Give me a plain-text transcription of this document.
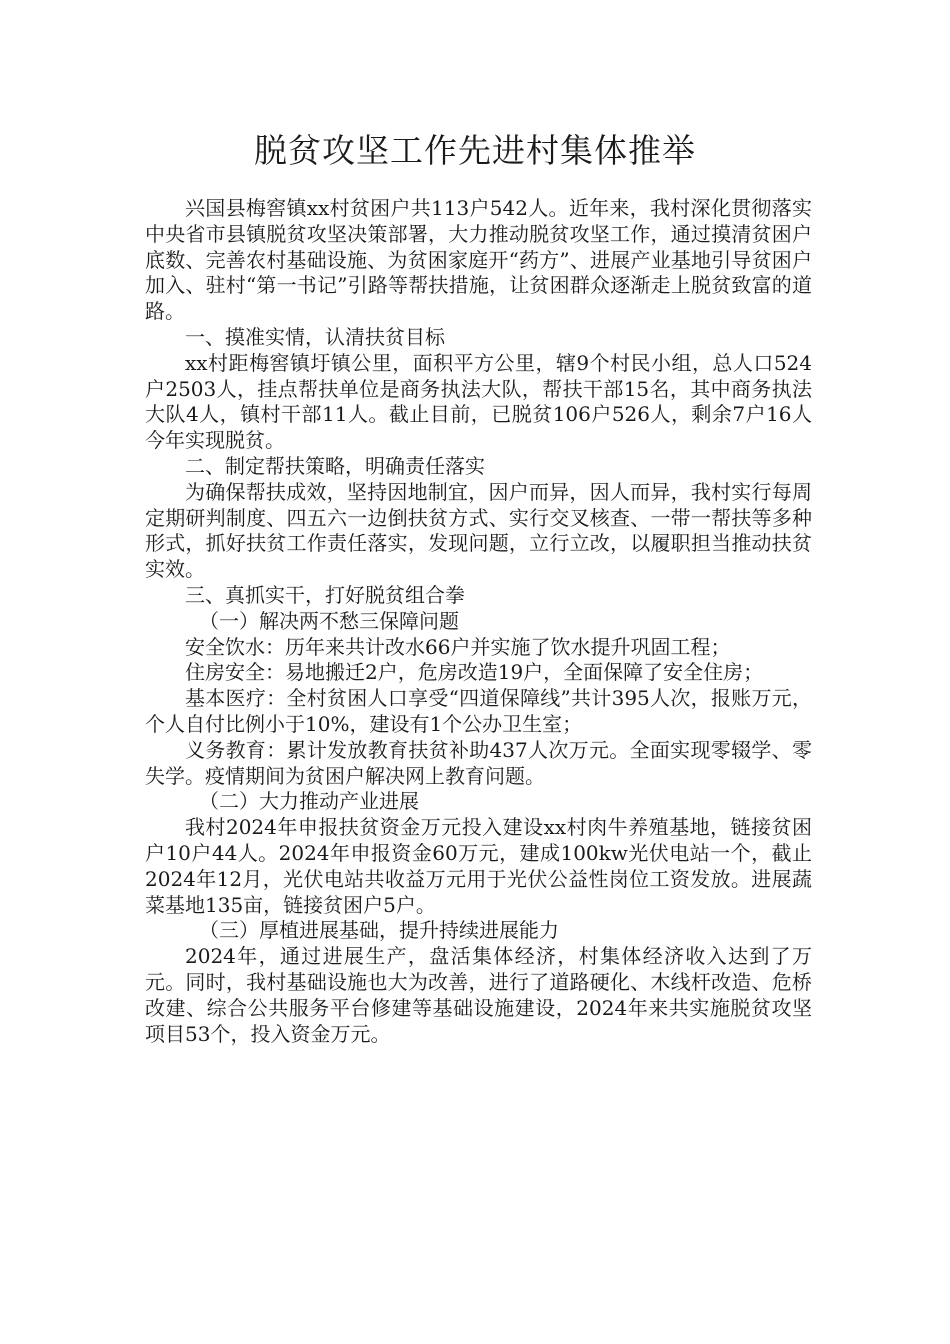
脱贫攻坚工作先进村集体推举

兴国县梅窖镇xx村贫困户共113户542人。近年来，我村深化贯彻落实中央省市县镇脱贫攻坚决策部署，大力推动脱贫攻坚工作，通过摸清贫困户底数、完善农村基础设施、为贫困家庭开“药方”、进展产业基地引导贫困户加入、驻村“第一书记”引路等帮扶措施，让贫困群众逐渐走上脱贫致富的道路。

一、摸准实情，认清扶贫目标

xx村距梅窖镇圩镇公里，面积平方公里，辖9个村民小组，总人口524户2503人，挂点帮扶单位是商务执法大队，帮扶干部15名，其中商务执法大队4人，镇村干部11人。截止目前，已脱贫106户526人，剩余7户16人今年实现脱贫。

二、制定帮扶策略，明确责任落实

为确保帮扶成效，坚持因地制宜，因户而异，因人而异，我村实行每周定期研判制度、四五六一边倒扶贫方式、实行交叉核查、一带一帮扶等多种形式，抓好扶贫工作责任落实，发现问题，立行立改，以履职担当推动扶贫实效。

三、真抓实干，打好脱贫组合拳

（一）解决两不愁三保障问题

安全饮水：历年来共计改水66户并实施了饮水提升巩固工程；

住房安全：易地搬迁2户，危房改造19户，全面保障了安全住房；

基本医疗：全村贫困人口享受“四道保障线”共计395人次，报账万元，个人自付比例小于10%，建设有1个公办卫生室；

义务教育：累计发放教育扶贫补助437人次万元。全面实现零辍学、零失学。疫情期间为贫困户解决网上教育问题。

（二）大力推动产业进展

我村2024年申报扶贫资金万元投入建设xx村肉牛养殖基地，链接贫困户10户44人。2024年申报资金60万元，建成100kw光伏电站一个，截止2024年12月，光伏电站共收益万元用于光伏公益性岗位工资发放。进展蔬菜基地135亩，链接贫困户5户。

（三）厚植进展基础，提升持续进展能力

2024年，通过进展生产，盘活集体经济，村集体经济收入达到了万元。同时，我村基础设施也大为改善，进行了道路硬化、木线杆改造、危桥改建、综合公共服务平台修建等基础设施建设，2024年来共实施脱贫攻坚项目53个，投入资金万元。
